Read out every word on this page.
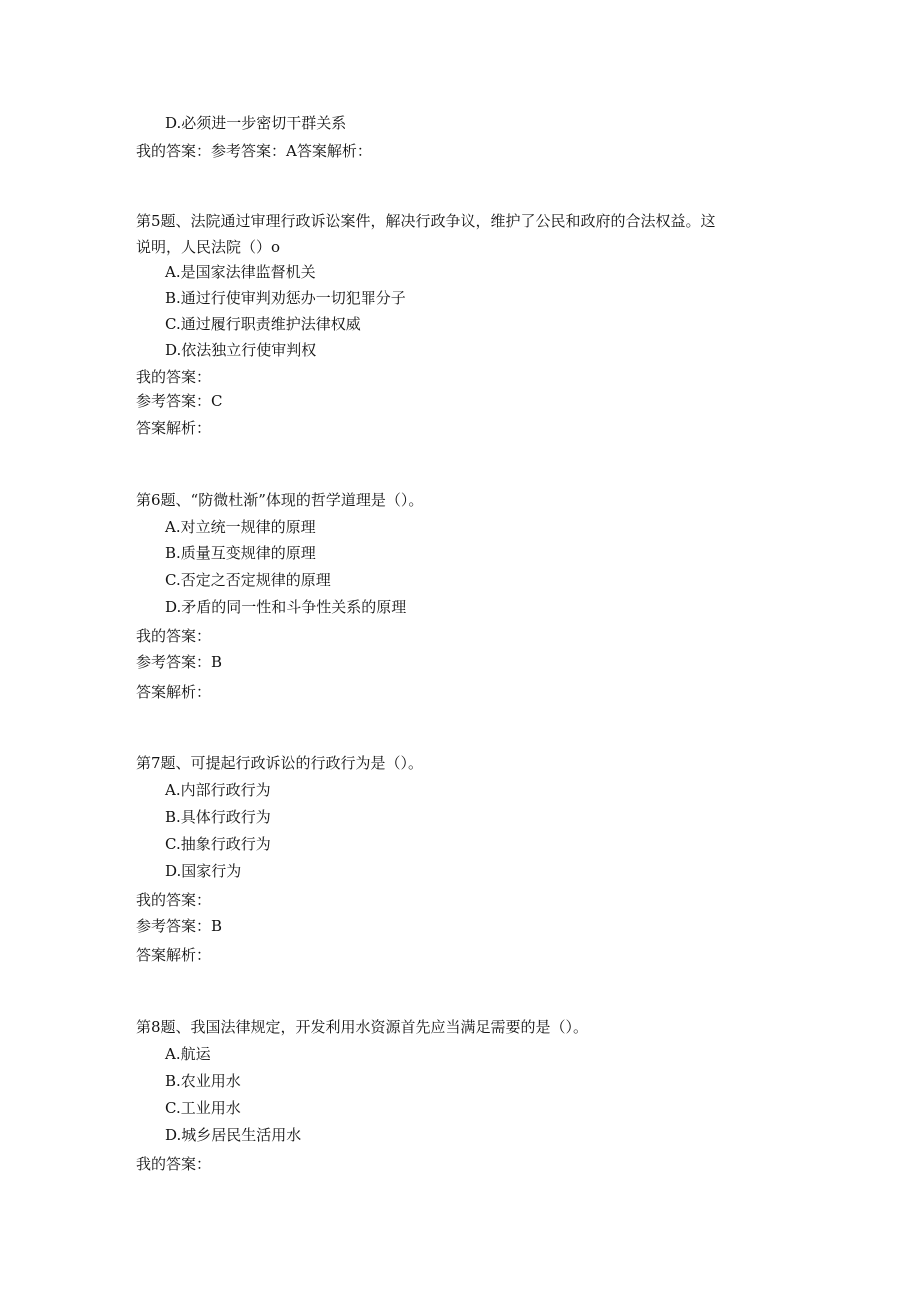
D.必须进一步密切干群关系
我的答案：参考答案：A答案解析：
第5题、法院通过审理行政诉讼案件，解决行政争议，维护了公民和政府的合法权益。这
说明，人民法院（）o
A.是国家法律监督机关
B.通过行使审判劝惩办一切犯罪分子
C.通过履行职责维护法律权威
D.依法独立行使审判权
我的答案：
参考答案：C
答案解析：
第6题、“防微杜渐”体现的哲学道理是（）。
A.对立统一规律的原理
B.质量互变规律的原理
C.否定之否定规律的原理
D.矛盾的同一性和斗争性关系的原理
我的答案：
参考答案：B
答案解析：
第7题、可提起行政诉讼的行政行为是（）。
A.内部行政行为
B.具体行政行为
C.抽象行政行为
D.国家行为
我的答案：
参考答案：B
答案解析：
第8题、我国法律规定，开发利用水资源首先应当满足需要的是（）。
A.航运
B.农业用水
C.工业用水
D.城乡居民生活用水
我的答案：
